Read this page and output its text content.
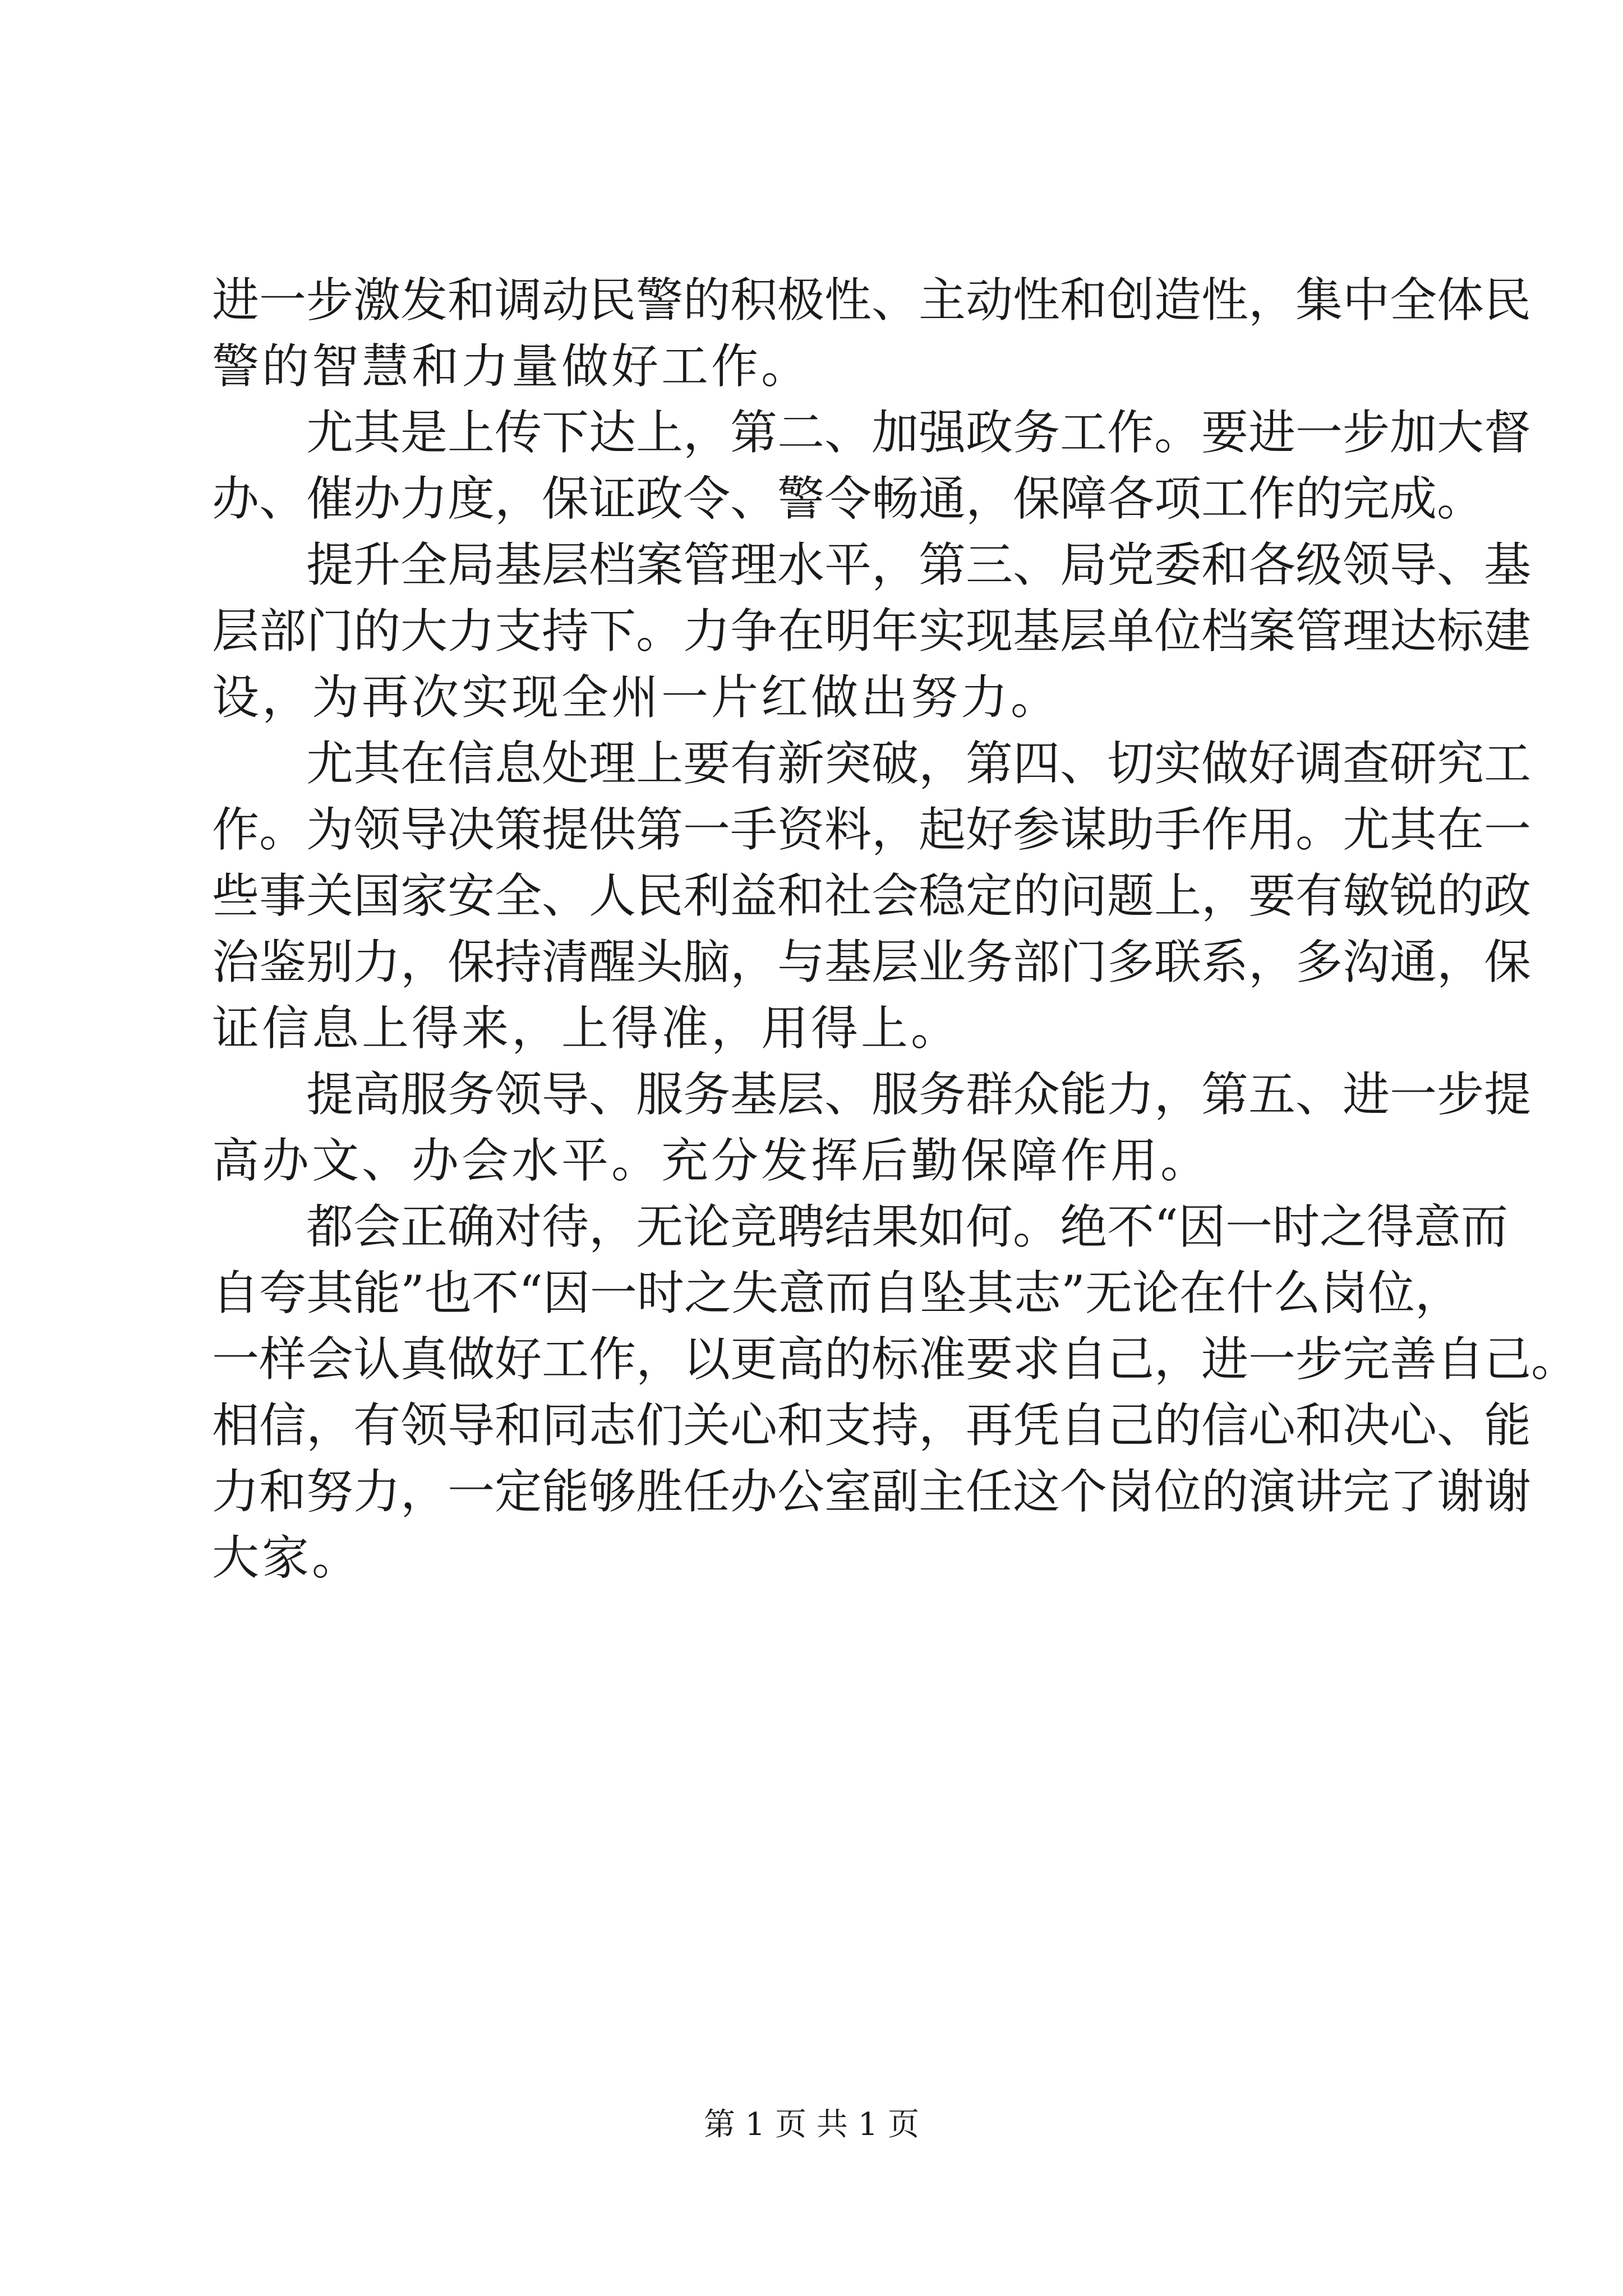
进一步激发和调动民警的积极性、主动性和创造性，集中全体民
警的智慧和力量做好工作。
尤其是上传下达上，第二、加强政务工作。要进一步加大督
办、催办力度，保证政令、警令畅通，保障各项工作的完成。
提升全局基层档案管理水平，第三、局党委和各级领导、基
层部门的大力支持下。力争在明年实现基层单位档案管理达标建
设，为再次实现全州一片红做出努力。
尤其在信息处理上要有新突破，第四、切实做好调查研究工
作。为领导决策提供第一手资料，起好参谋助手作用。尤其在一
些事关国家安全、人民利益和社会稳定的问题上，要有敏锐的政
治鉴别力，保持清醒头脑，与基层业务部门多联系，多沟通，保
证信息上得来，上得准，用得上。
提高服务领导、服务基层、服务群众能力，第五、进一步提
高办文、办会水平。充分发挥后勤保障作用。
都会正确对待，无论竞聘结果如何。绝不“因一时之得意而
自夸其能”也不“因一时之失意而自坠其志”无论在什么岗位，
一样会认真做好工作，以更高的标准要求自己，进一步完善自己。
相信，有领导和同志们关心和支持，再凭自己的信心和决心、能
力和努力，一定能够胜任办公室副主任这个岗位的演讲完了谢谢
大家。
第 1 页 共 1 页
